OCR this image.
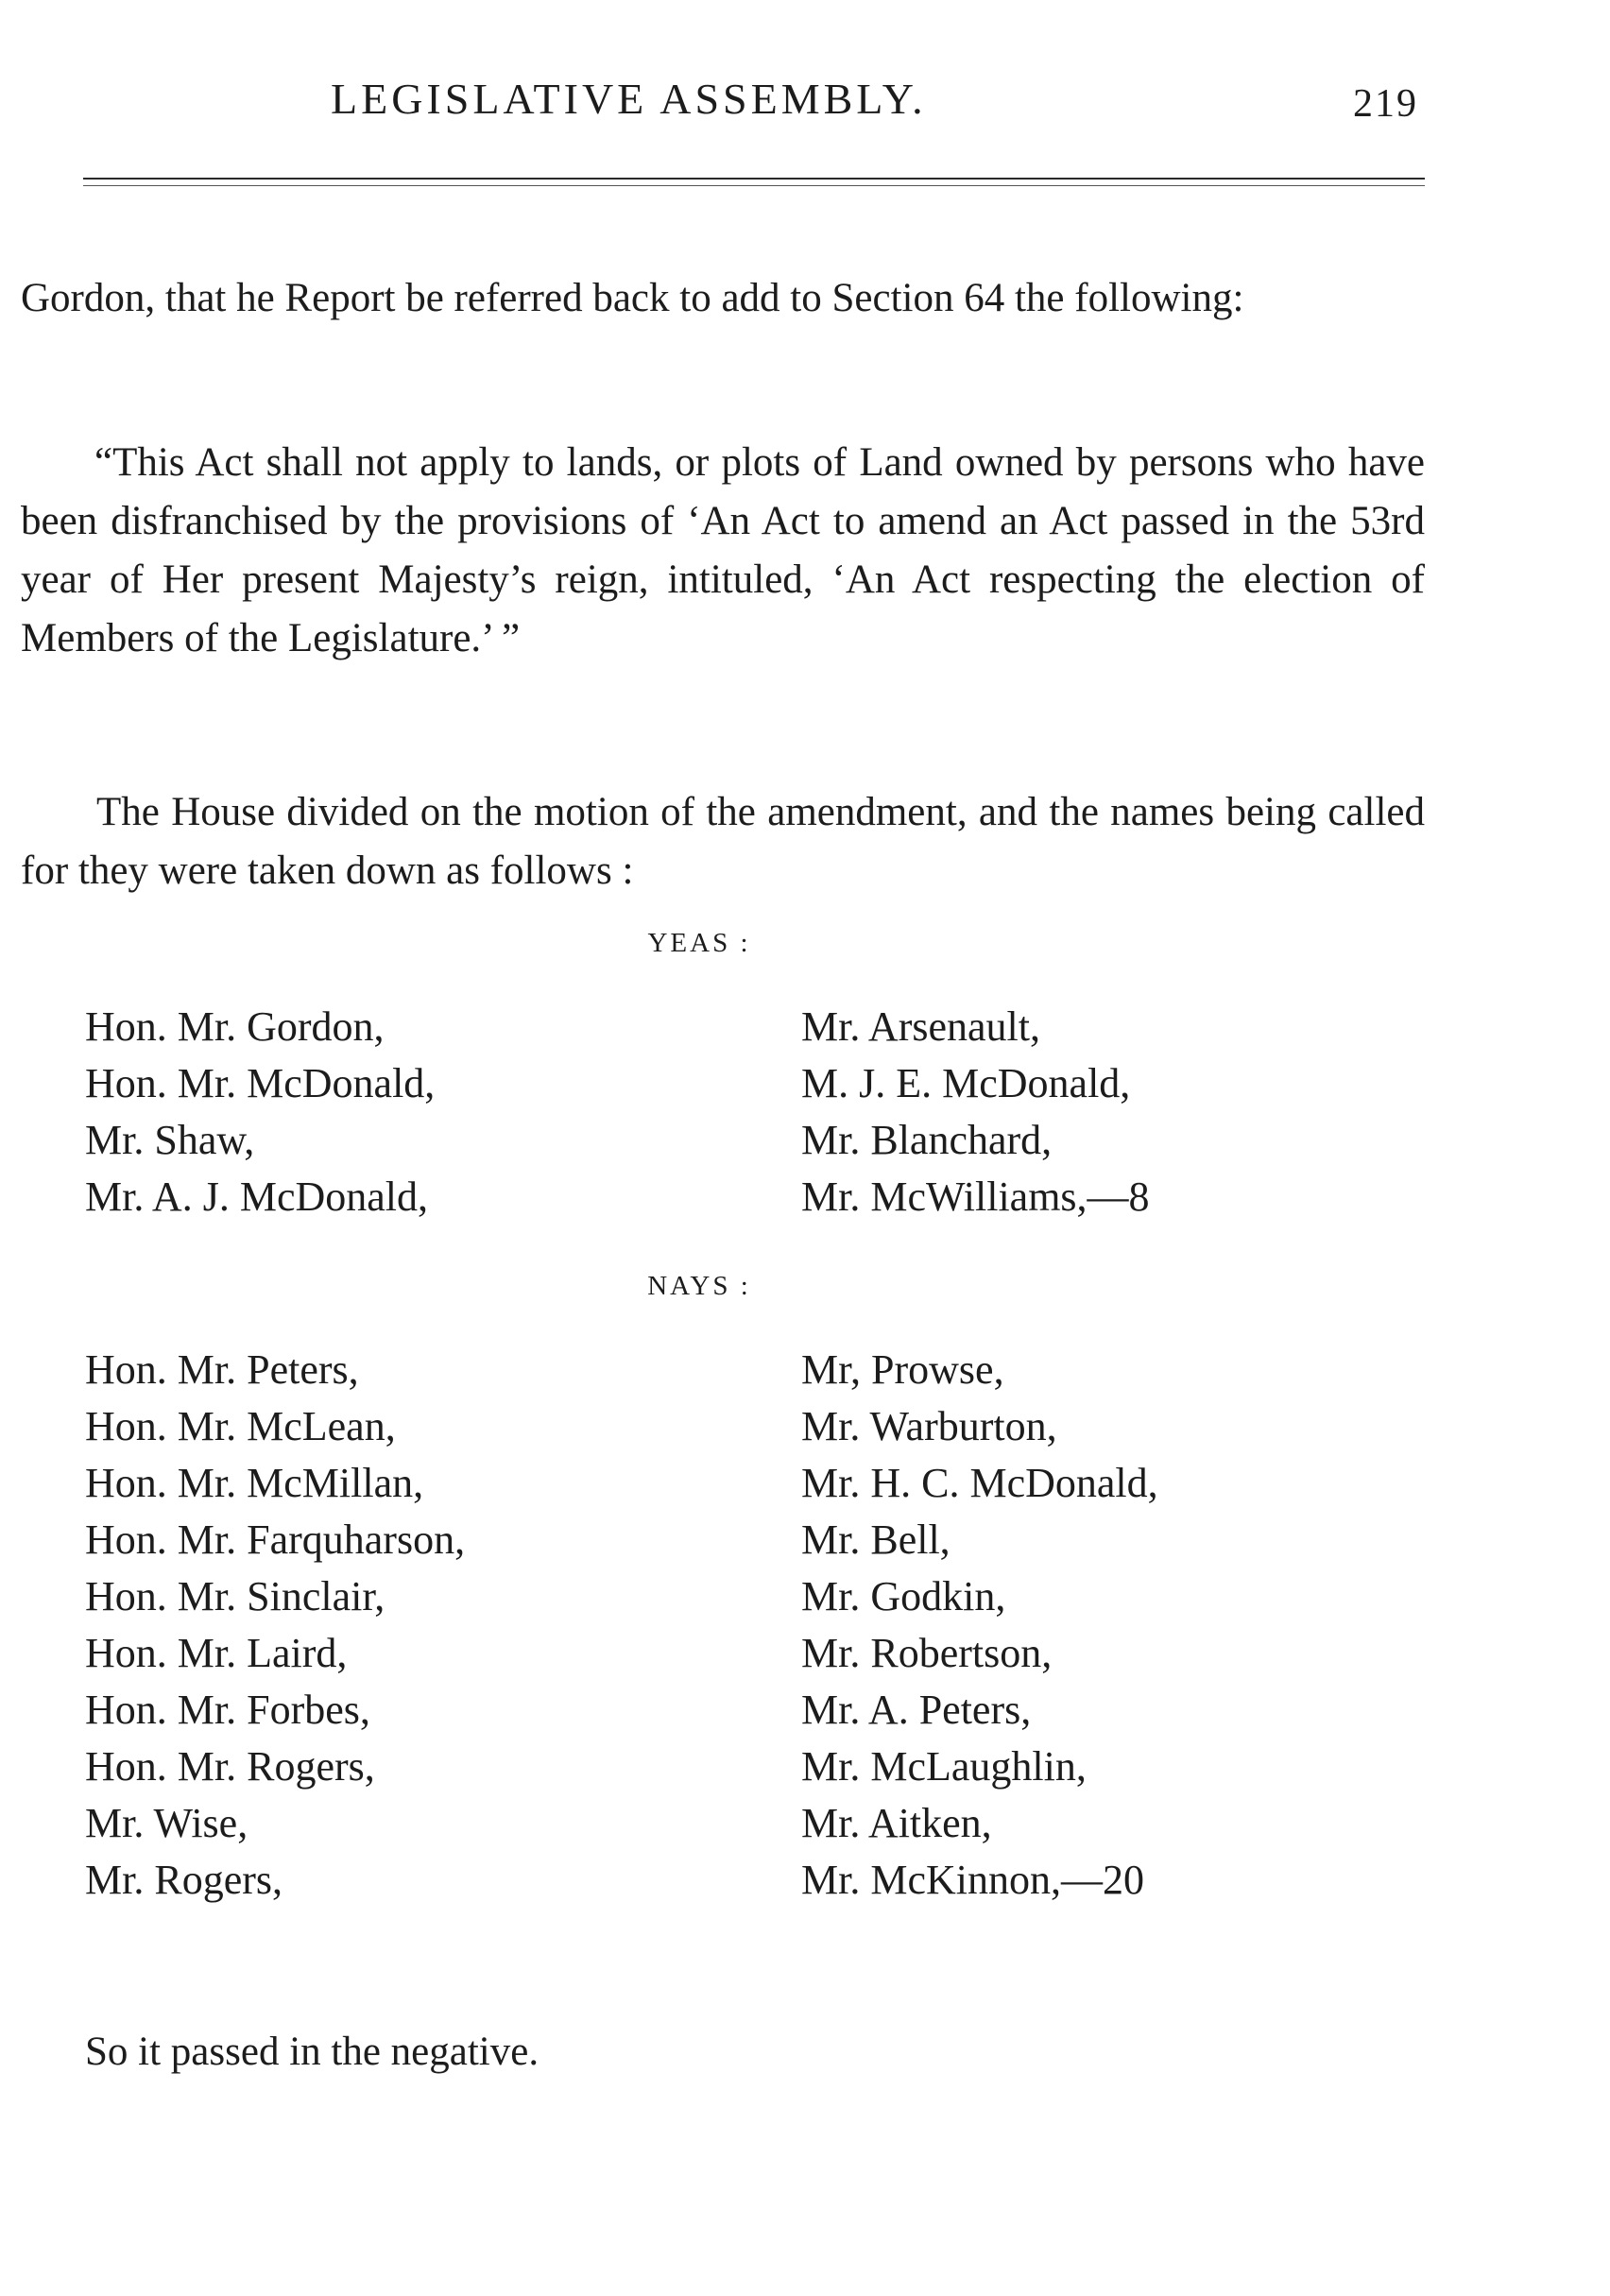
LEGISLATIVE ASSEMBLY.	219

Gordon, that he Report be referred back to add to Section 64 the following:

“This Act shall not apply to lands, or plots of Land owned by persons who have been disfranchised by the provisions of ‘An Act to amend an Act passed in the 53rd year of Her present Majesty’s reign, intituled, ‘An Act respecting the election of Members of the Legislature.’ ”

The House divided on the motion of the amendment, and the names being called for they were taken down as follows :

YEAS :
Hon. Mr. Gordon,
Hon. Mr. McDonald,
Mr. Shaw,
Mr. A. J. McDonald,
Mr. Arsenault,
M. J. E. McDonald,
Mr. Blanchard,
Mr. McWilliams,—8
NAYS :
Hon. Mr. Peters,
Hon. Mr. McLean,
Hon. Mr. McMillan,
Hon. Mr. Farquharson,
Hon. Mr. Sinclair,
Hon. Mr. Laird,
Hon. Mr. Forbes,
Hon. Mr. Rogers,
Mr. Wise,
Mr. Rogers,
Mr, Prowse,
Mr. Warburton,
Mr. H. C. McDonald,
Mr. Bell,
Mr. Godkin,
Mr. Robertson,
Mr. A. Peters,
Mr. McLaughlin,
Mr. Aitken,
Mr. McKinnon,—20

So it passed in the negative.
